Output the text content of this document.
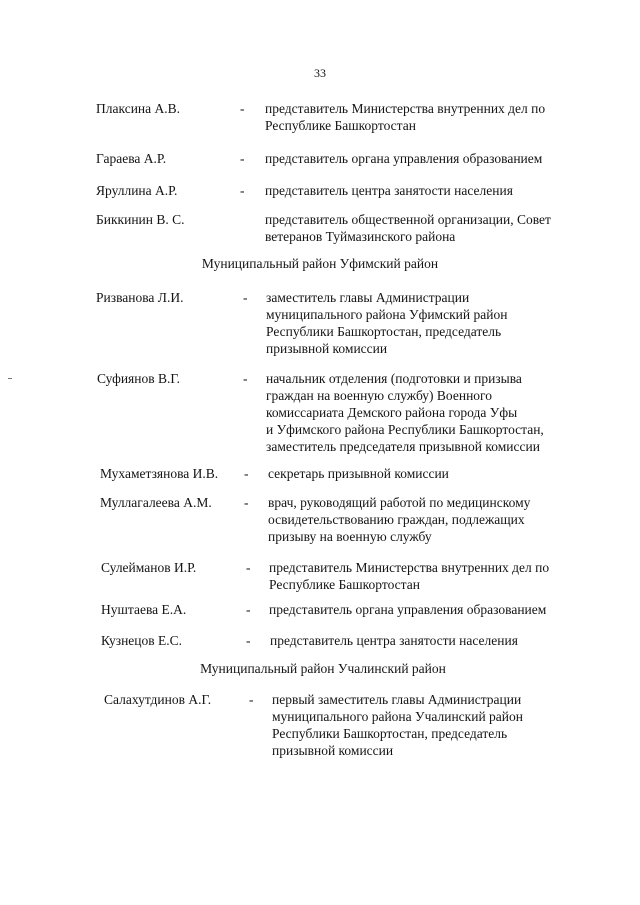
33
Плаксина А.В.	- представитель Министерства внутренних дел по
Республике Башкортостан
Гараева А.Р.	- представитель органа управления образованием
Яруллина А.Р.	- представитель центра занятости населения
Биккинин В. С.	представитель общественной организации, Совет
ветеранов Туймазинского района
Муниципальный район Уфимский район
Ризванова Л.И.	- заместитель главы Администрации
муниципального района Уфимский район
Республики Башкортостан, председатель
призывной комиссии
Суфиянов В.Г.	- начальник отделения (подготовки и призыва
граждан на военную службу) Военного
комиссариата Демского района города Уфы
и Уфимского района Республики Башкортостан,
заместитель председателя призывной комиссии
Мухаметзянова И.В. - секретарь призывной комиссии
Муллагалеева А.М. - врач, руководящий работой по медицинскому
освидетельствованию граждан, подлежащих
призыву на военную службу
Сулейманов И.Р.	- представитель Министерства внутренних дел по
Республике Башкортостан
Нуштаева Е.А.	- представитель органа управления образованием
Кузнецов Е.С.	- представитель центра занятости населения
Муниципальный район Учалинский район
Салахутдинов А.Г.	- первый заместитель главы Администрации
муниципального района Учалинский район
Республики Башкортостан, председатель
призывной комиссии
